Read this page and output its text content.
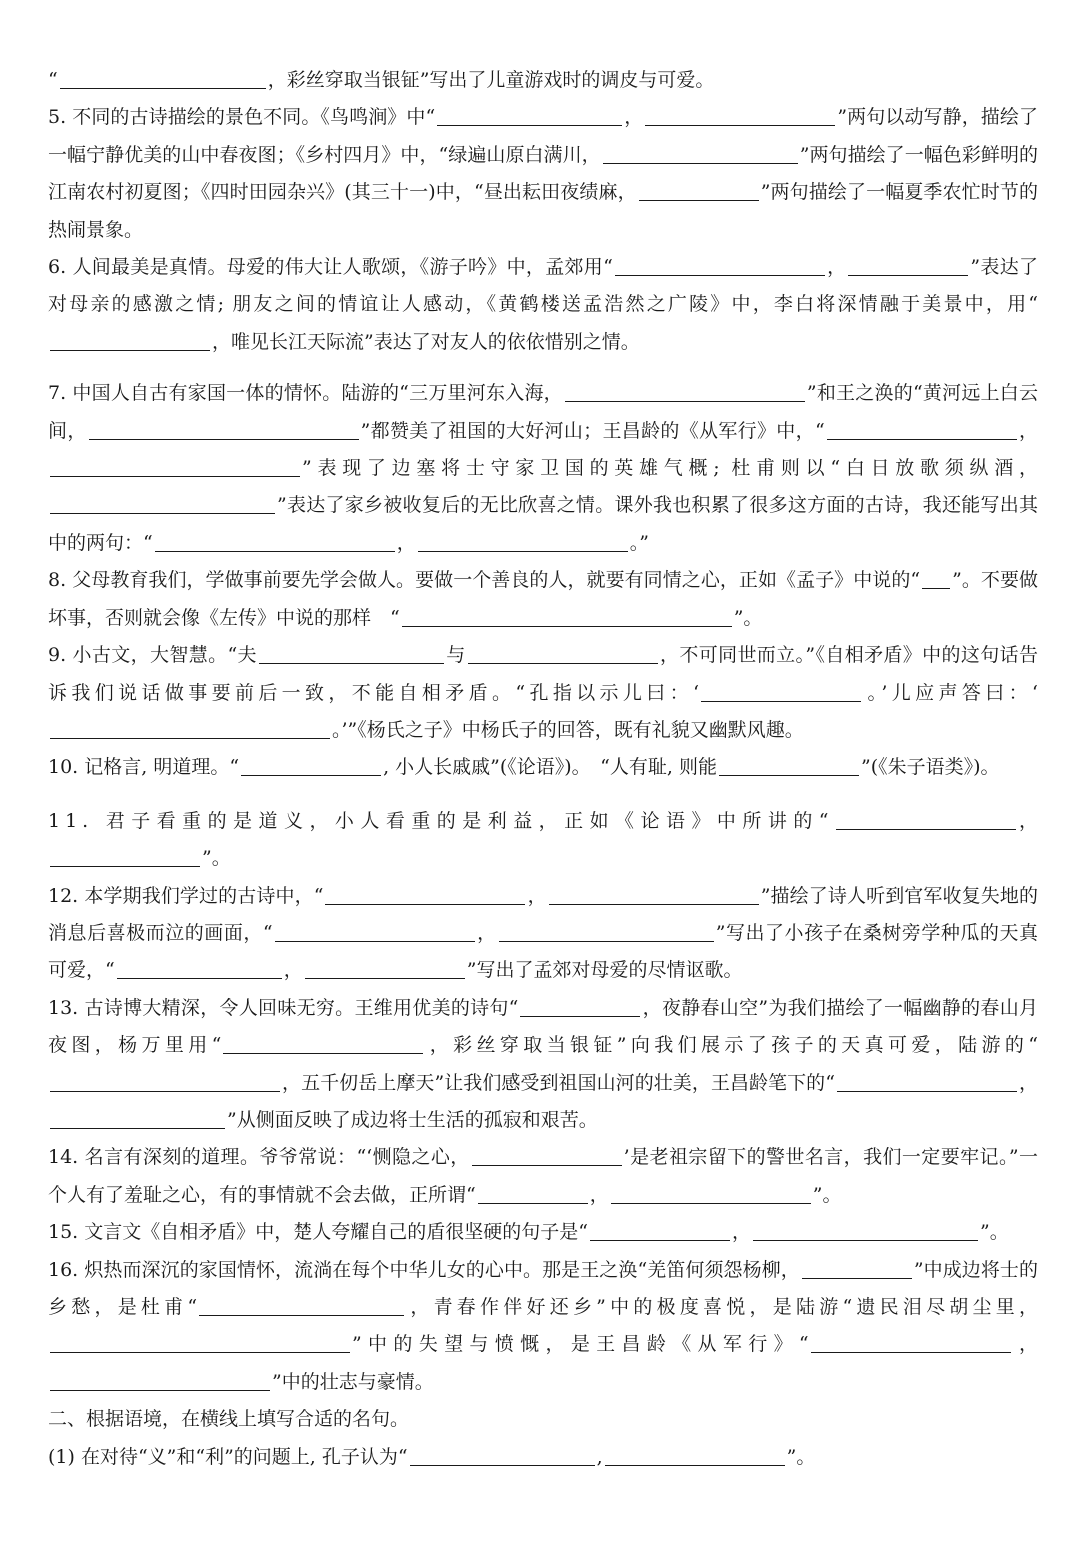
“	，彩丝穿取当银钲”写出了儿童游戏时的调皮与可爱。

5. 不同的古诗描绘的景色不同。《鸟鸣涧》中“	，	”两句以动写静，描绘了一幅宁静优美的山中春夜图；《乡村四月》中，“绿遍山原白满川，	”两句描绘了一幅色彩鲜明的江南农村初夏图；《四时田园杂兴》(其三十一)中，“昼出耘田夜绩麻，	”两句描绘了一幅夏季农忙时节的热闹景象。

6. 人间最美是真情。母爱的伟大让人歌颂，《游子吟》中，孟郊用“	，	”表达了对母亲的感激之情; 朋友之间的情谊让人感动，《黄鹤楼送孟浩然之广陵》中，李白将深情融于美景中，用“，唯见长江天际流”表达了对友人的依依惜别之情。

7. 中国人自古有家国一体的情怀。陆游的“三万里河东入海，	”和王之涣的“黄河远上白云间，	”都赞美了祖国的大好河山；王昌龄的《从军行》中，“	，”表现了边塞将士守家卫国的英雄气概; 杜甫则以“白日放歌须纵酒，”表达了家乡被收复后的无比欣喜之情。课外我也积累了很多这方面的古诗，我还能写出其中的两句：“	，	。”

8. 父母教育我们，学做事前要先学会做人。要做一个善良的人，就要有同情之心，正如《孟子》中说的“ ”。不要做坏事，否则就会像《左传》中说的那样　“	”。

9. 小古文，大智慧。“夫	与	，不可同世而立。”《自相矛盾》中的这句话告诉我们说话做事要前后一致，不能自相矛盾。“孔指以示儿曰：‘	。’儿应声答曰：‘。’”《杨氏之子》中杨氏子的回答，既有礼貌又幽默风趣。

10. 记格言, 明道理。“	, 小人长戚戚”(《论语》)。　“人有耻, 则能	”(《朱子语类》)。

11. 君子看重的是道义，小人看重的是利益，正如《论语》中所讲的“	，”。

12. 本学期我们学过的古诗中，“	，	”描绘了诗人听到官军收复失地的消息后喜极而泣的画面，“	，	”写出了小孩子在桑树旁学种瓜的天真可爱，“	，	”写出了孟郊对母爱的尽情讴歌。

13. 古诗博大精深，令人回味无穷。王维用优美的诗句“	，夜静春山空”为我们描绘了一幅幽静的春山月夜图，杨万里用“	，彩丝穿取当银钲”向我们展示了孩子的天真可爱，陆游的“，五千仞岳上摩天”让我们感受到祖国山河的壮美，王昌龄笔下的“	，”从侧面反映了成边将士生活的孤寂和艰苦。

14. 名言有深刻的道理。爷爷常说：“‘恻隐之心，	’是老祖宗留下的警世名言，我们一定要牢记。”一个人有了羞耻之心，有的事情就不会去做，正所谓“	，	”。

15. 文言文《自相矛盾》中，楚人夸耀自己的盾很坚硬的句子是“	，	”。

16. 炽热而深沉的家国情怀，流淌在每个中华儿女的心中。那是王之涣“羌笛何须怨杨柳，	”中成边将士的乡愁，是杜甫“	，青春作伴好还乡”中的极度喜悦，是陆游“遗民泪尽胡尘里，”中的失望与愤慨，是王昌龄《从军行》“	，”中的壮志与豪情。

二、根据语境，在横线上填写合适的名句。

(1) 在对待“义”和“利”的问题上, 孔子认为“	,	”。
